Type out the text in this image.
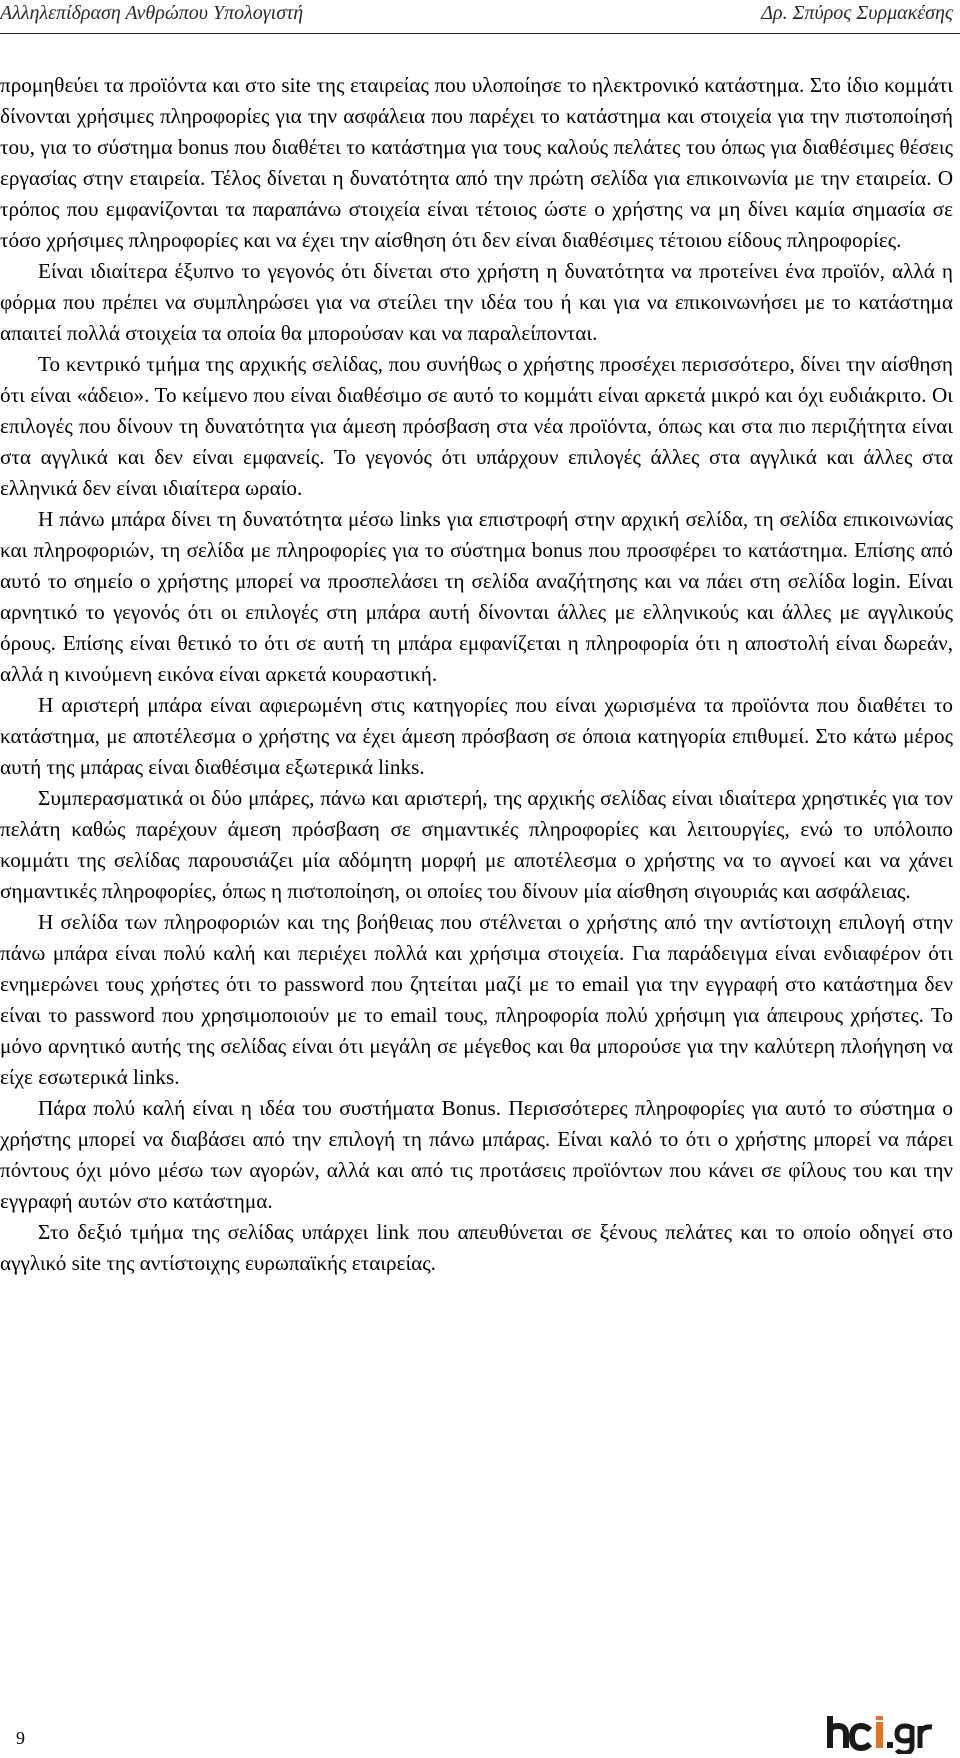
Αλληλεπίδραση Ανθρώπου Υπολογιστή	Δρ. Σπύρος Συρμακέσης

προμηθεύει τα προϊόντα και στο site της εταιρείας που υλοποίησε το ηλεκτρονικό κατάστημα. Στο ίδιο κομμάτι δίνονται χρήσιμες πληροφορίες για την ασφάλεια που παρέχει το κατάστημα και στοιχεία για την πιστοποίησή του, για το σύστημα bonus που διαθέτει το κατάστημα για τους καλούς πελάτες του όπως για διαθέσιμες θέσεις εργασίας στην εταιρεία. Τέλος δίνεται η δυνατότητα από την πρώτη σελίδα για επικοινωνία με την εταιρεία. Ο τρόπος που εμφανίζονται τα παραπάνω στοιχεία είναι τέτοιος ώστε ο χρήστης να μη δίνει καμία σημασία σε τόσο χρήσιμες πληροφορίες και να έχει την αίσθηση ότι δεν είναι διαθέσιμες τέτοιου είδους πληροφορίες.

Είναι ιδιαίτερα έξυπνο το γεγονός ότι δίνεται στο χρήστη η δυνατότητα να προτείνει ένα προϊόν, αλλά η φόρμα που πρέπει να συμπληρώσει για να στείλει την ιδέα του ή και για να επικοινωνήσει με το κατάστημα απαιτεί πολλά στοιχεία τα οποία θα μπορούσαν και να παραλείπονται.

Το κεντρικό τμήμα της αρχικής σελίδας, που συνήθως ο χρήστης προσέχει περισσότερο, δίνει την αίσθηση ότι είναι «άδειο». Το κείμενο που είναι διαθέσιμο σε αυτό το κομμάτι είναι αρκετά μικρό και όχι ευδιάκριτο. Οι επιλογές που δίνουν τη δυνατότητα για άμεση πρόσβαση στα νέα προϊόντα, όπως και στα πιο περιζήτητα είναι στα αγγλικά και δεν είναι εμφανείς. Το γεγονός ότι υπάρχουν επιλογές άλλες στα αγγλικά και άλλες στα ελληνικά δεν είναι ιδιαίτερα ωραίο.

Η πάνω μπάρα δίνει τη δυνατότητα μέσω links για επιστροφή στην αρχική σελίδα, τη σελίδα επικοινωνίας και πληροφοριών, τη σελίδα με πληροφορίες για το σύστημα bonus που προσφέρει το κατάστημα. Επίσης από αυτό το σημείο ο χρήστης μπορεί να προσπελάσει τη σελίδα αναζήτησης και να πάει στη σελίδα login. Είναι αρνητικό το γεγονός ότι οι επιλογές στη μπάρα αυτή δίνονται άλλες με ελληνικούς και άλλες με αγγλικούς όρους. Επίσης είναι θετικό το ότι σε αυτή τη μπάρα εμφανίζεται η πληροφορία ότι η αποστολή είναι δωρεάν, αλλά η κινούμενη εικόνα είναι αρκετά κουραστική.

Η αριστερή μπάρα είναι αφιερωμένη στις κατηγορίες που είναι χωρισμένα τα προϊόντα που διαθέτει το κατάστημα, με αποτέλεσμα ο χρήστης να έχει άμεση πρόσβαση σε όποια κατηγορία επιθυμεί. Στο κάτω μέρος αυτή της μπάρας είναι διαθέσιμα εξωτερικά links.

Συμπερασματικά οι δύο μπάρες, πάνω και αριστερή, της αρχικής σελίδας είναι ιδιαίτερα χρηστικές για τον πελάτη καθώς παρέχουν άμεση πρόσβαση σε σημαντικές πληροφορίες και λειτουργίες, ενώ το υπόλοιπο κομμάτι της σελίδας παρουσιάζει μία αδόμητη μορφή με αποτέλεσμα ο χρήστης να το αγνοεί και να χάνει σημαντικές πληροφορίες, όπως η πιστοποίηση, οι οποίες του δίνουν μία αίσθηση σιγουριάς και ασφάλειας.

Η σελίδα των πληροφοριών και της βοήθειας που στέλνεται ο χρήστης από την αντίστοιχη επιλογή στην πάνω μπάρα είναι πολύ καλή και περιέχει πολλά και χρήσιμα στοιχεία. Για παράδειγμα είναι ενδιαφέρον ότι ενημερώνει τους χρήστες ότι το password που ζητείται μαζί με το email για την εγγραφή στο κατάστημα δεν είναι το password που χρησιμοποιούν με το email τους, πληροφορία πολύ χρήσιμη για άπειρους χρήστες. Το μόνο αρνητικό αυτής της σελίδας είναι ότι μεγάλη σε μέγεθος και θα μπορούσε για την καλύτερη πλοήγηση να είχε εσωτερικά links.

Πάρα πολύ καλή είναι η ιδέα του συστήματα Bonus. Περισσότερες πληροφορίες για αυτό το σύστημα ο χρήστης μπορεί να διαβάσει από την επιλογή τη πάνω μπάρας. Είναι καλό το ότι ο χρήστης μπορεί να πάρει πόντους όχι μόνο μέσω των αγορών, αλλά και από τις προτάσεις προϊόντων που κάνει σε φίλους του και την εγγραφή αυτών στο κατάστημα.

Στο δεξιό τμήμα της σελίδας υπάρχει link που απευθύνεται σε ξένους πελάτες και το οποίο οδηγεί στο αγγλικό site της αντίστοιχης ευρωπαϊκής εταιρείας.

9
